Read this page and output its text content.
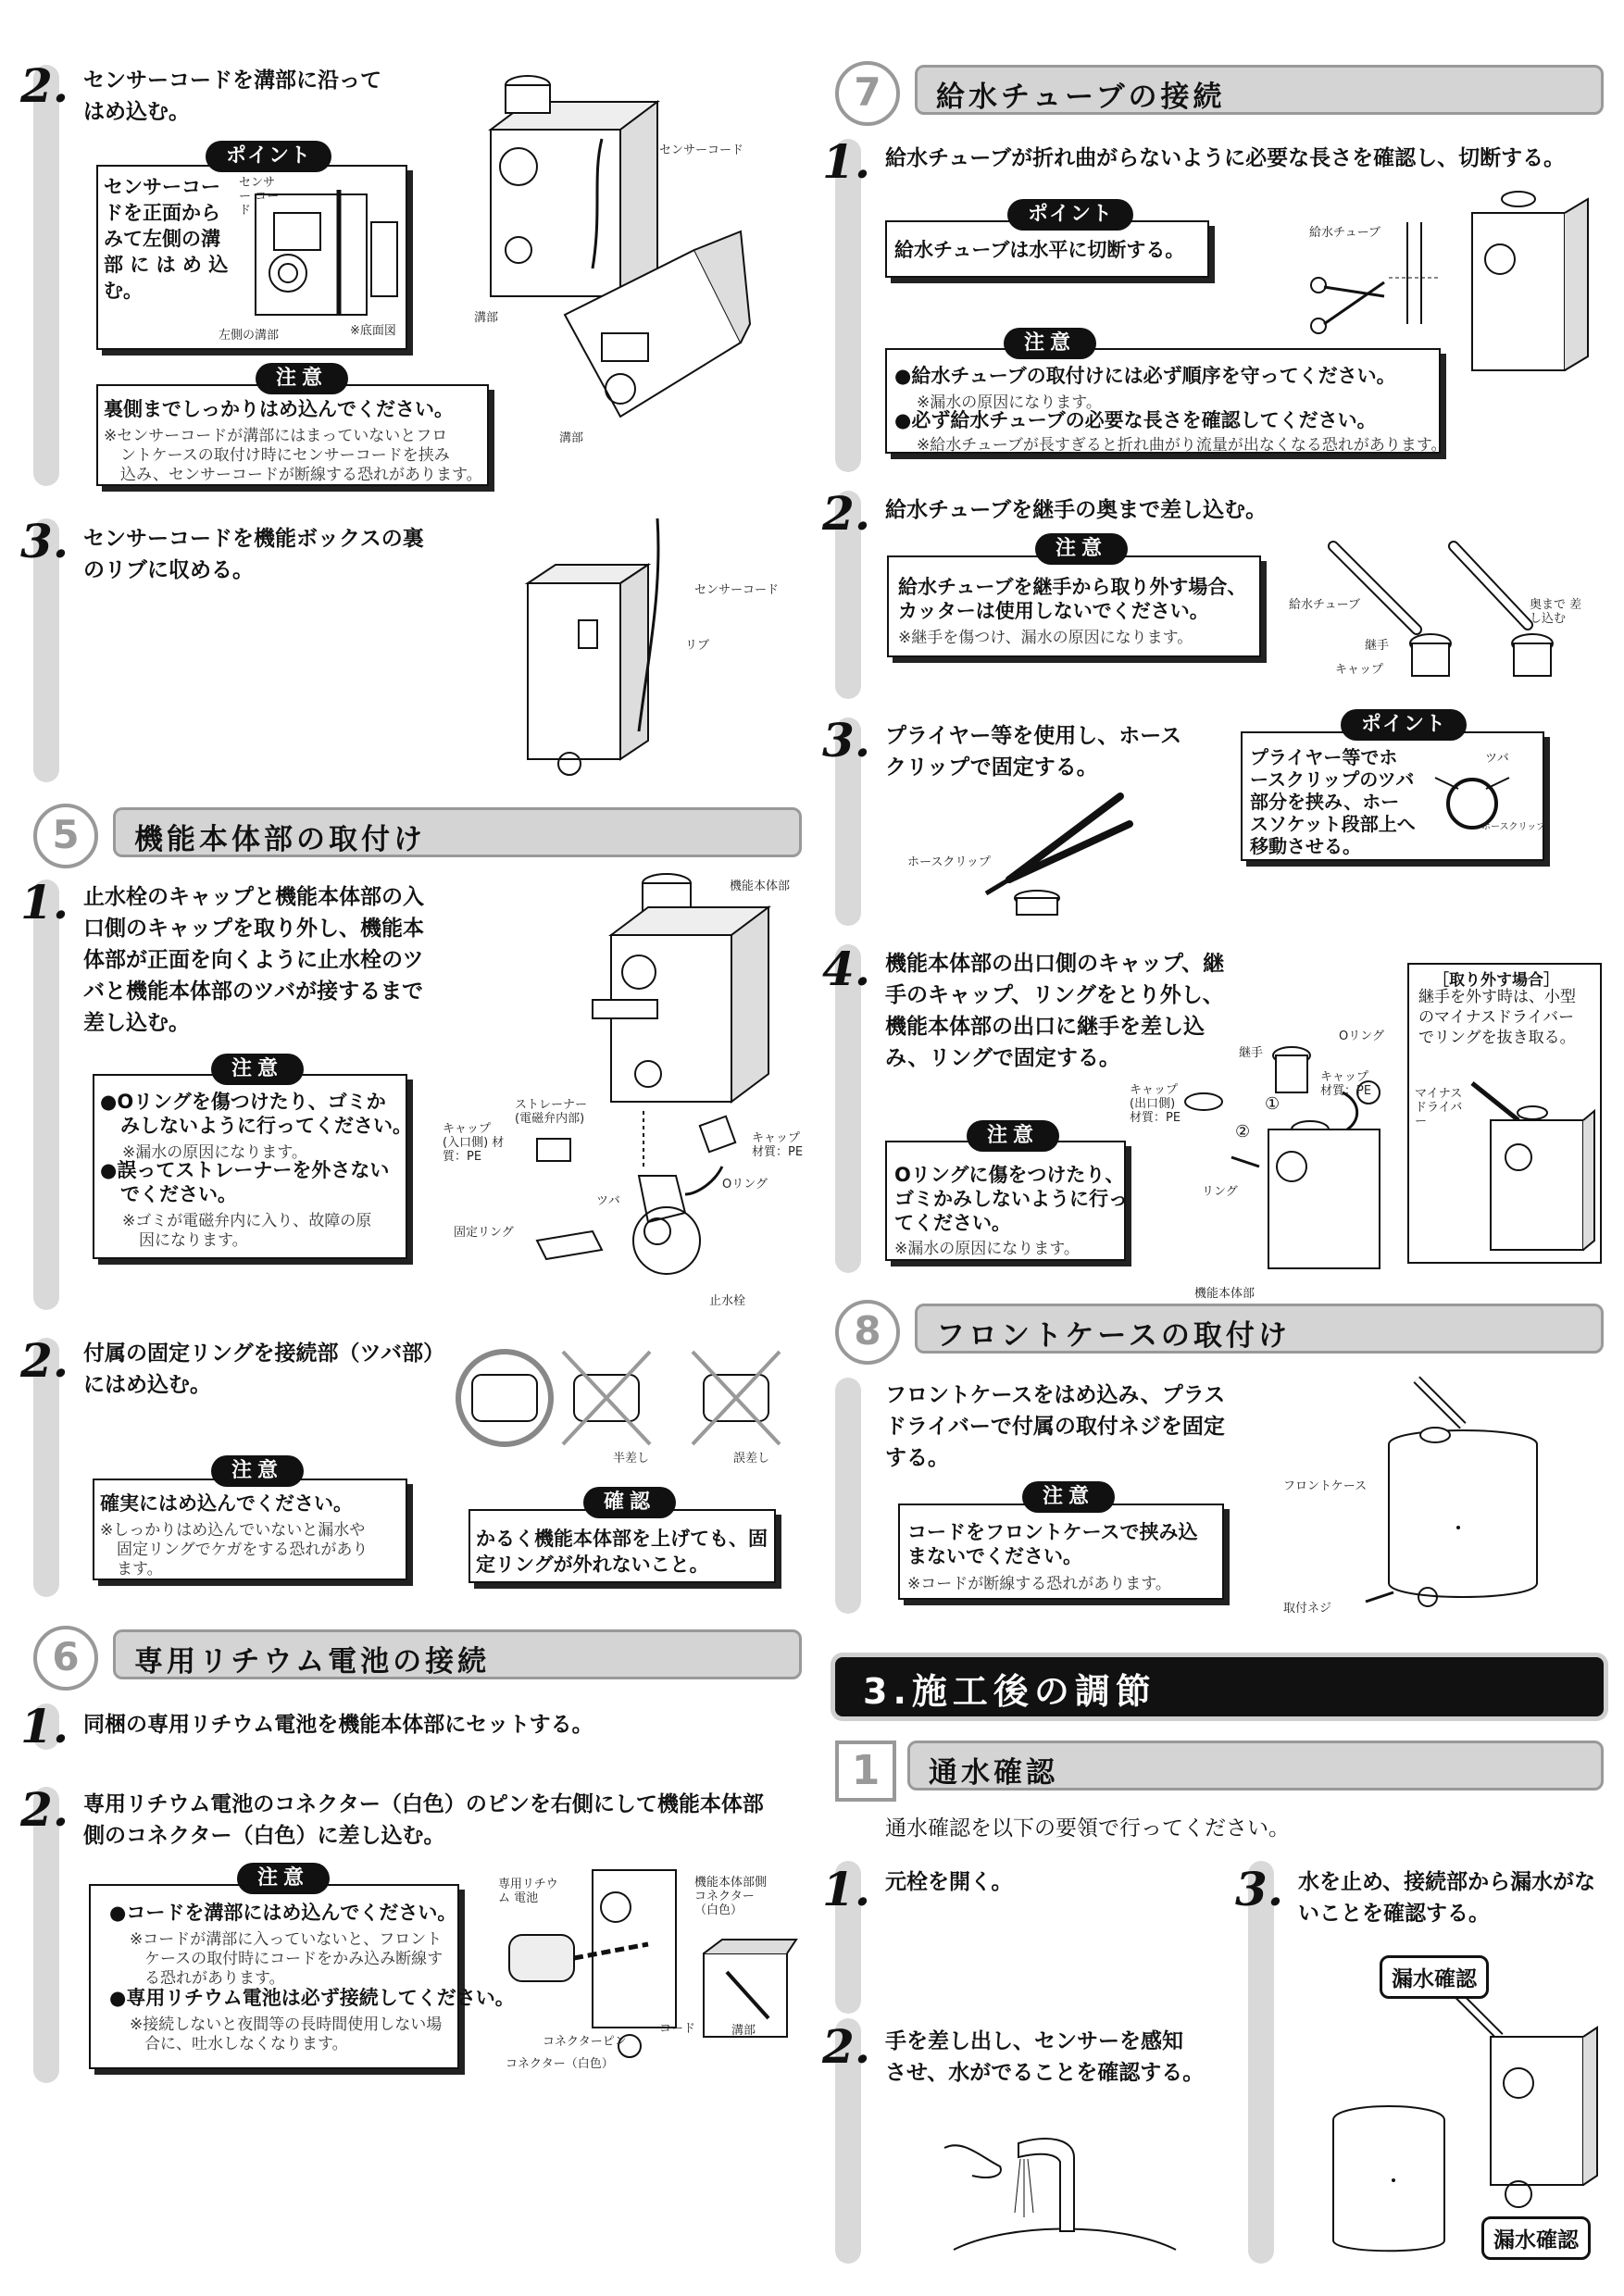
2. センサーコードを溝部に沿って
はめ込む。
ポイント
センサーコー
ドを正面から
みて左側の溝
部 に は め 込
む。
センサー コード
左側の溝部	※底面図
注意
裏側までしっかりはめ込んでください。
※センサーコードが溝部にはまっていないとフロ
ントケースの取付け時にセンサーコードを挟み
込み、センサーコードが断線する恐れがあります。
センサーコード
溝部
溝部
3. センサーコードを機能ボックスの裏
のリブに収める。
センサーコード
リブ
5	機能本体部の取付け
1. 止水栓のキャップと機能本体部の入
口側のキャップを取り外し、機能本
体部が正面を向くように止水栓のツ
バと機能本体部のツバが接するまで
差し込む。
注意
●Oリングを傷つけたり、ゴミか
みしないように行ってください。
※漏水の原因になります。
●誤ってストレーナーを外さない
でください。
※ゴミが電磁弁内に入り、故障の原
因になります。
機能本体部
ストレーナー (電磁弁内部)
キャップ (入口側) 材質：PE
キャップ 材質：PE
ツバ
Oリング
固定リング
止水栓
2. 付属の固定リングを接続部（ツバ部）
にはめ込む。
半差し	誤差し
注意
確実にはめ込んでください。
※しっかりはめ込んでいないと漏水や
固定リングでケガをする恐れがあり
ます。
確認
かるく機能本体部を上げても、固
定リングが外れないこと。
6	専用リチウム電池の接続
1. 同梱の専用リチウム電池を機能本体部にセットする。
2. 専用リチウム電池のコネクター（白色）のピンを右側にして機能本体部
側のコネクター（白色）に差し込む。
注意
●コードを溝部にはめ込んでください。
※コードが溝部に入っていないと、フロント
ケースの取付時にコードをかみ込み断線す
る恐れがあります。
●専用リチウム電池は必ず接続してください。
※接続しないと夜間等の長時間使用しない場
合に、吐水しなくなります。
専用リチウム 電池
機能本体部側 コネクター （白色）
コネクターピン
コネクター（白色）
コード	溝部
7	給水チューブの接続
1. 給水チューブが折れ曲がらないように必要な長さを確認し、切断する。
ポイント
給水チューブは水平に切断する。
給水チューブ
注意
●給水チューブの取付けには必ず順序を守ってください。
※漏水の原因になります。
●必ず給水チューブの必要な長さを確認してください。
※給水チューブが長すぎると折れ曲がり流量が出なくなる恐れがあります。
2. 給水チューブを継手の奥まで差し込む。
注意
給水チューブを継手から取り外す場合、
カッターは使用しないでください。
※継手を傷つけ、漏水の原因になります。
給水チューブ
継手
キャップ
奥まで 差し込む
3. プライヤー等を使用し、ホース
クリップで固定する。
ホースクリップ
ポイント
プライヤー等でホ
ースクリップのツバ
部分を挟み、ホー
スソケット段部上へ
移動させる。
ツバ
ホースクリップ
4. 機能本体部の出口側のキャップ、継
手のキャップ、リングをとり外し、
機能本体部の出口に継手を差し込
み、リングで固定する。
注意
Oリングに傷をつけたり、
ゴミかみしないように行っ
てください。
※漏水の原因になります。
継手
Oリング
キャップ 材質：PE
キャップ (出口側) 材質：PE
リング
機能本体部
①
②
［取り外す場合］
継手を外す時は、小型
のマイナスドライバー
でリングを抜き取る。
マイナス ドライバー
8	フロントケースの取付け
フロントケースをはめ込み、プラス
ドライバーで付属の取付ネジを固定
する。
注意
コードをフロントケースで挟み込
まないでください。
※コードが断線する恐れがあります。
フロントケース
取付ネジ
3.施工後の調節
1	通水確認
通水確認を以下の要領で行ってください。
1. 元栓を開く。
2. 手を差し出し、センサーを感知
させ、水がでることを確認する。
3. 水を止め、接続部から漏水がな
いことを確認する。
漏水確認
漏水確認
